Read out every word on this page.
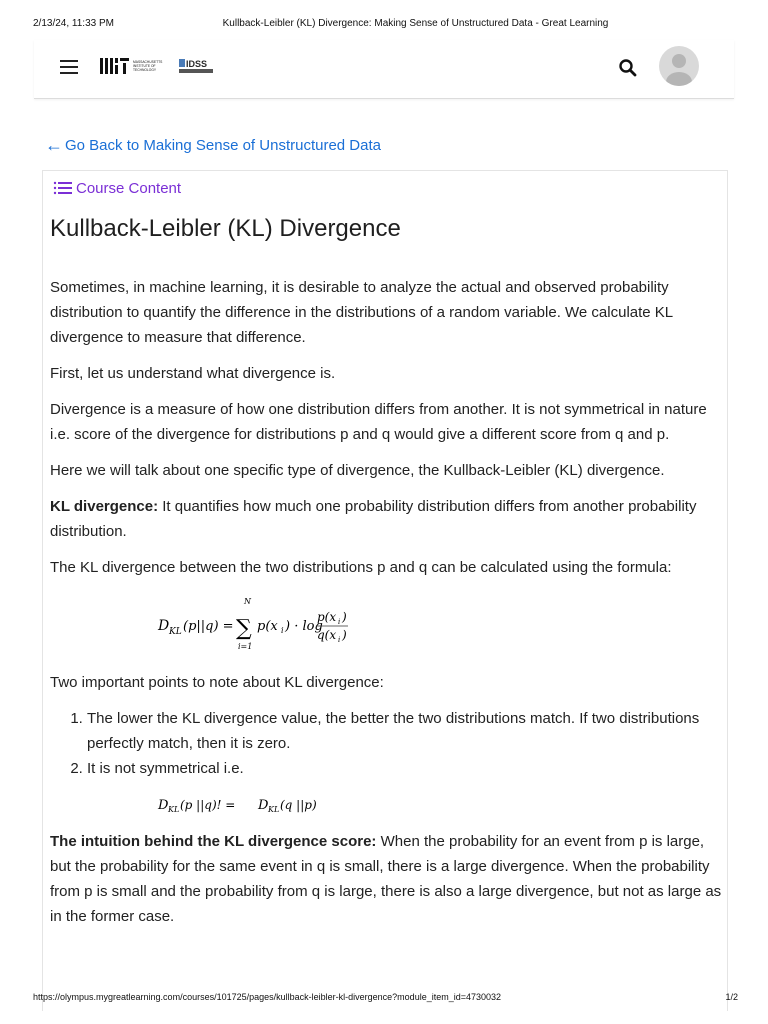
2/13/24, 11:33 PM	Kullback-Leibler (KL) Divergence: Making Sense of Unstructured Data - Great Learning
MASSACHUSETTS
INSTITUTE OF
TECHNOLOGY
IDSS
← Go Back to Making Sense of Unstructured Data
Course Content
Kullback-Leibler (KL) Divergence

Sometimes, in machine learning, it is desirable to analyze the actual and observed probability distribution to quantify the difference in the distributions of a random variable. We calculate KL divergence to measure that difference.

First, let us understand what divergence is.

Divergence is a measure of how one distribution differs from another. It is not symmetrical in nature i.e. score of the divergence for distributions p and q would give a different score from q and p.

Here we will talk about one specific type of divergence, the Kullback-Leibler (KL) divergence.

KL divergence: It quantifies how much one probability distribution differs from another probability distribution.

The KL divergence between the two distributions p and q can be calculated using the formula:

D KL (p||q) =
N
∑
i=1
p(x i ) · log
p(x i )
q(x i )

Two important points to note about KL divergence:

1. The lower the KL divergence value, the better the two distributions match. If two distributions perfectly match, then it is zero.
2. It is not symmetrical i.e.
D KL (p ||q)! = D KL (q ||p)

The intuition behind the KL divergence score: When the probability for an event from p is large, but the probability for the same event in q is small, there is a large divergence. When the probability from p is small and the probability from q is large, there is also a large divergence, but not as large as in the former case.

https://olympus.mygreatlearning.com/courses/101725/pages/kullback-leibler-kl-divergence?module_item_id=4730032	1/2
